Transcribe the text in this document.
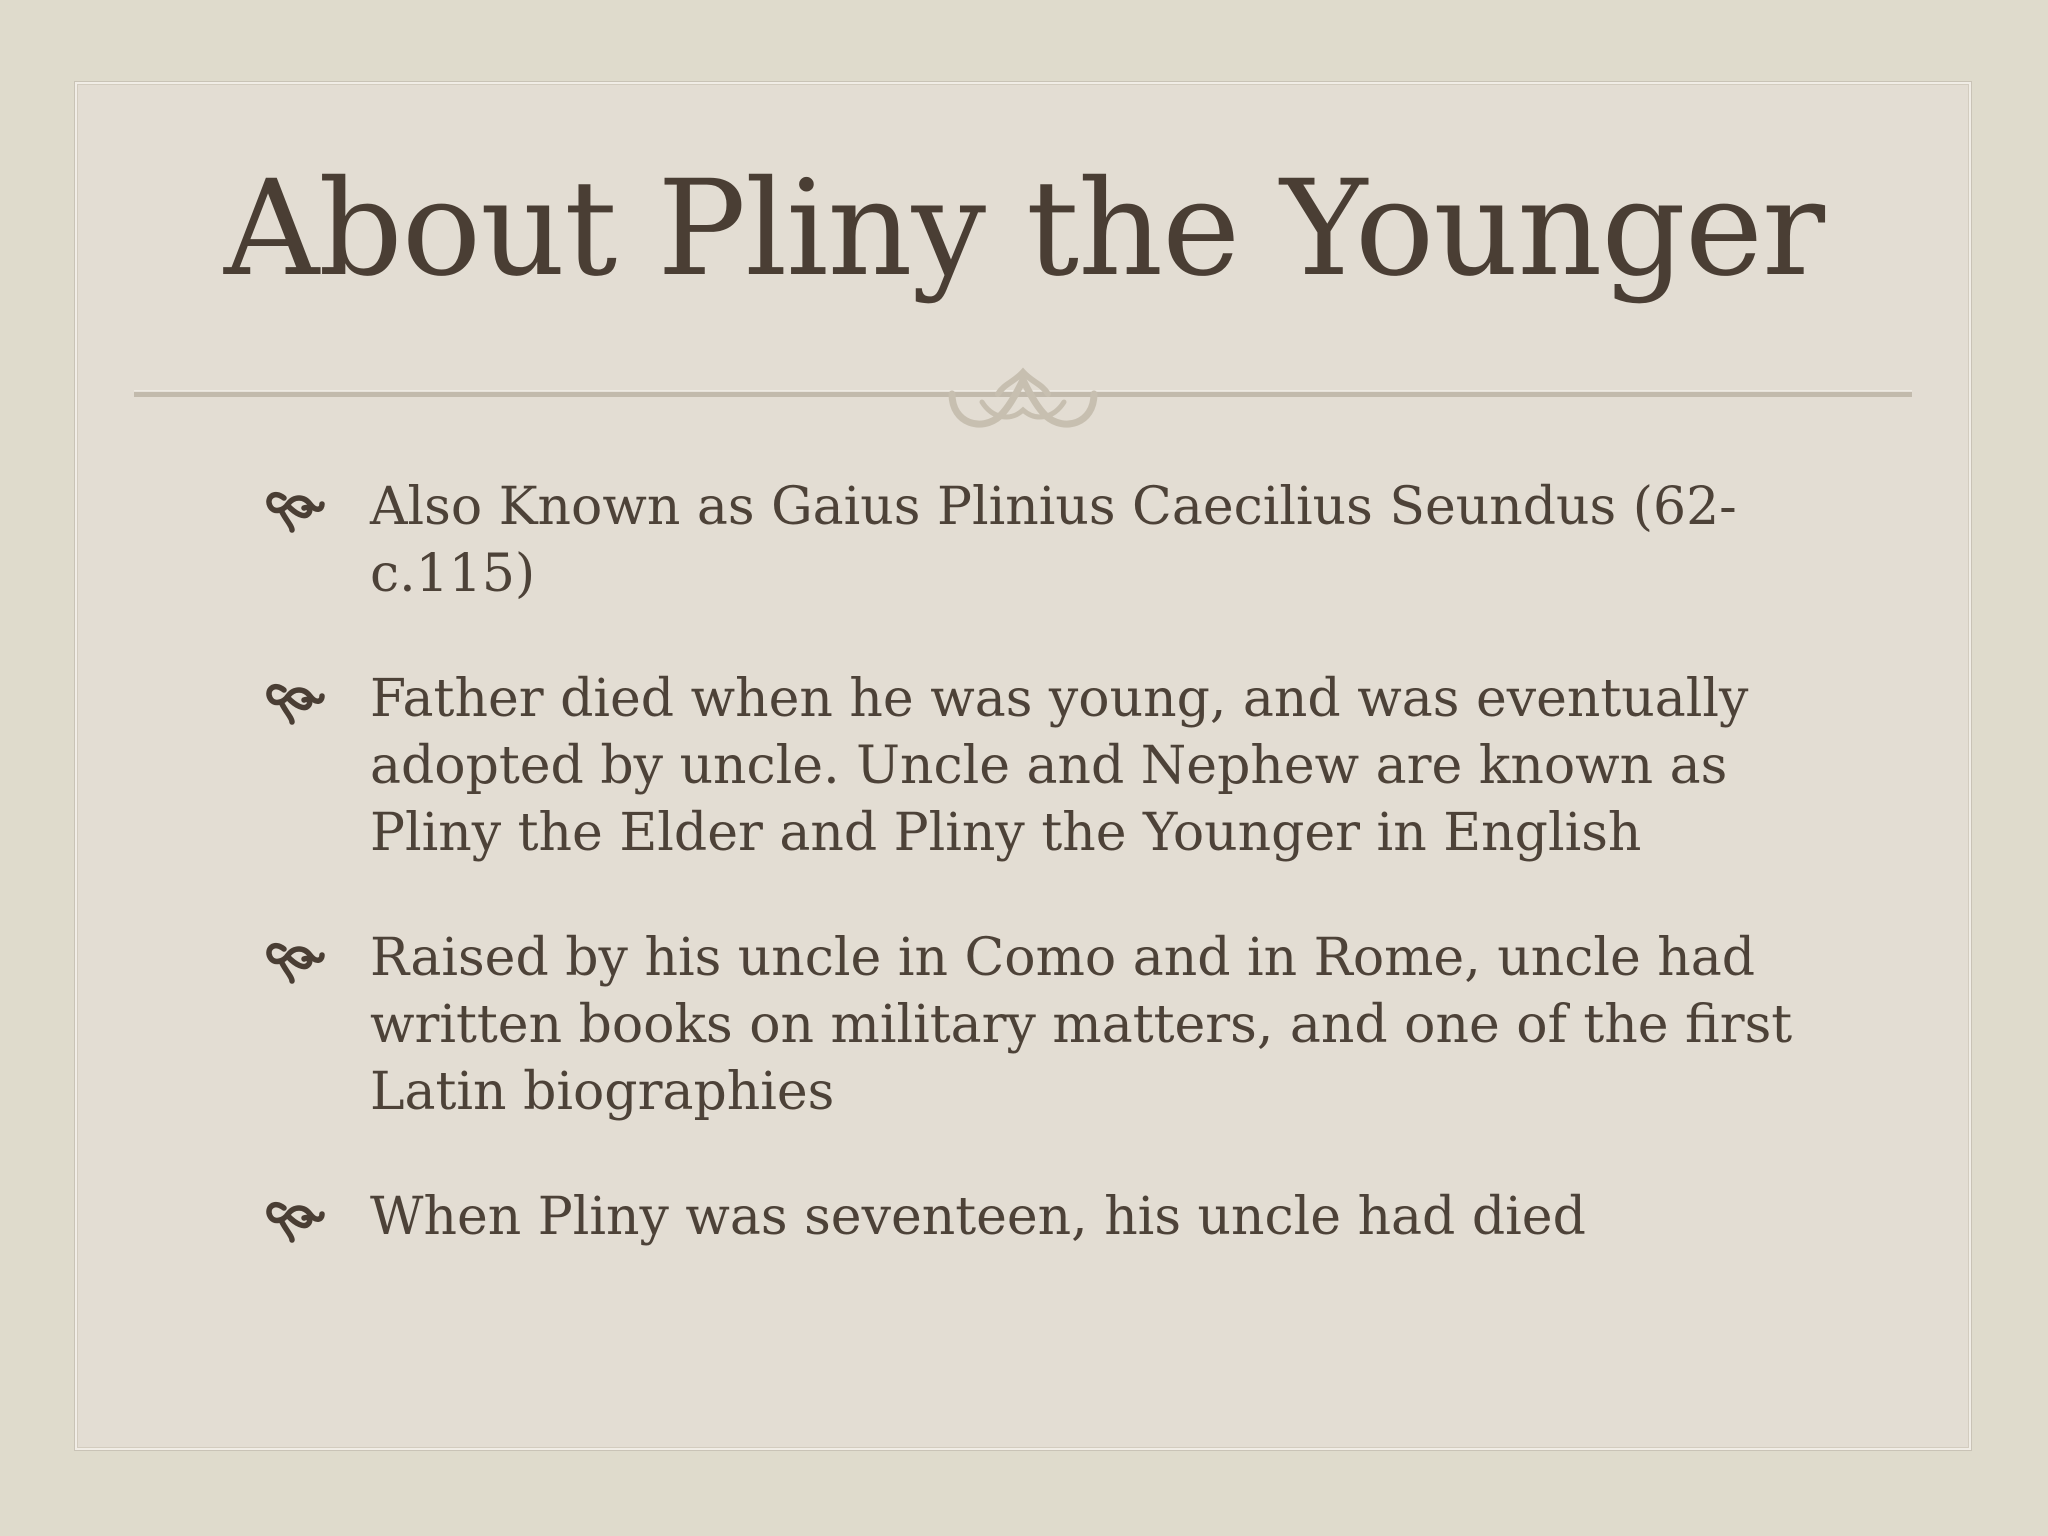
About Pliny the Younger
Also Known as Gaius Plinius Caecilius Seundus (62-c.115)
Father died when he was young, and was eventually adopted by uncle. Uncle and Nephew are known as Pliny the Elder and Pliny the Younger in English
Raised by his uncle in Como and in Rome, uncle had written books on military matters, and one of the first Latin biographies
When Pliny was seventeen, his uncle had died
